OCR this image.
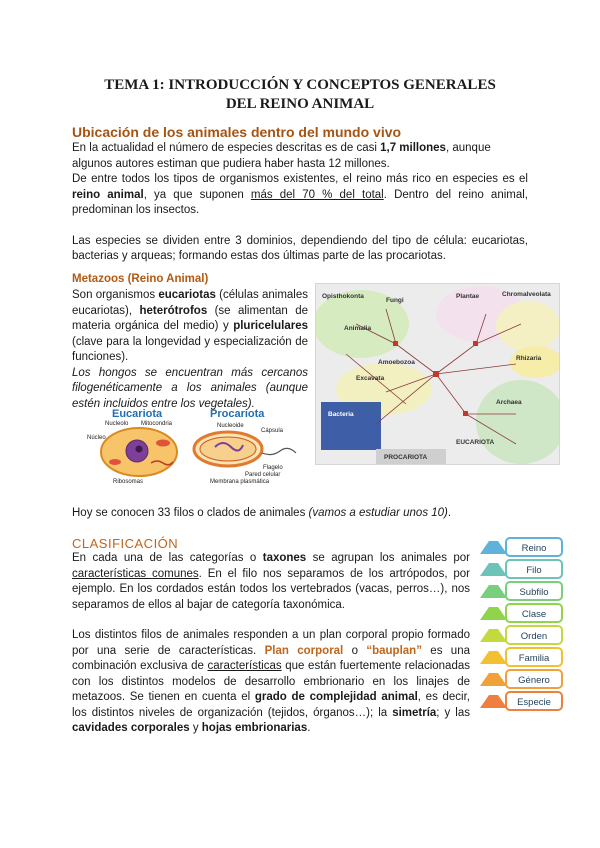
TEMA 1: INTRODUCCIÓN Y CONCEPTOS GENERALES
DEL REINO ANIMAL
Ubicación de los animales dentro del mundo vivo

En la actualidad el número de especies descritas es de casi 1,7 millones, aunque algunos autores estiman que pudiera haber hasta 12 millones.

De entre todos los tipos de organismos existentes, el reino más rico en especies es el reino animal, ya que suponen más del 70 % del total. Dentro del reino animal, predominan los insectos.

Las especies se dividen entre 3 dominios, dependiendo del tipo de célula: eucariotas, bacterias y arqueas; formando estas dos últimas parte de las procariotas.

Metazoos (Reino Animal)

Son organismos eucariotas (células animales eucariotas), heterótrofos (se alimentan de materia orgánica del medio) y pluricelulares (clave para la longevidad y especialización de funciones).

Los hongos se encuentran más cercanos filogenéticamente a los animales (aunque estén incluidos entre los vegetales).

Eucariota	Procariota
Nucleolo Mitocondria
Núcleo
Ribosomas
Nucleoide
Cápsula
Flagelo
Pared celular
Membrana plasmática
Opisthokonta
Animalia
Fungi
Plantae	Chromalveolata
Rhizaria
Excavata
Amoebozoa
Archaea
Bacteria
EUCARIOTA
PROCARIOTA

Hoy se conocen 33 filos o clados de animales (vamos a estudiar unos 10).

CLASIFICACIÓN

En cada una de las categorías o taxones se agrupan los animales por características comunes. En el filo nos separamos de los artrópodos, por ejemplo. En los cordados están todos los vertebrados (vacas, perros…), nos separamos de ellos al bajar de categoría taxonómica.

Los distintos filos de animales responden a un plan corporal propio formado por una serie de características. Plan corporal o “bauplan” es una combinación exclusiva de características que están fuertemente relacionadas con los distintos modelos de desarrollo embrionario en los linajes de metazoos. Se tienen en cuenta el grado de complejidad animal, es decir, los distintos niveles de organización (tejidos, órganos…); la simetría; y las cavidades corporales y hojas embrionarias.

Reino
Filo
Subfilo
Clase
Orden
Familia
Género
Especie
